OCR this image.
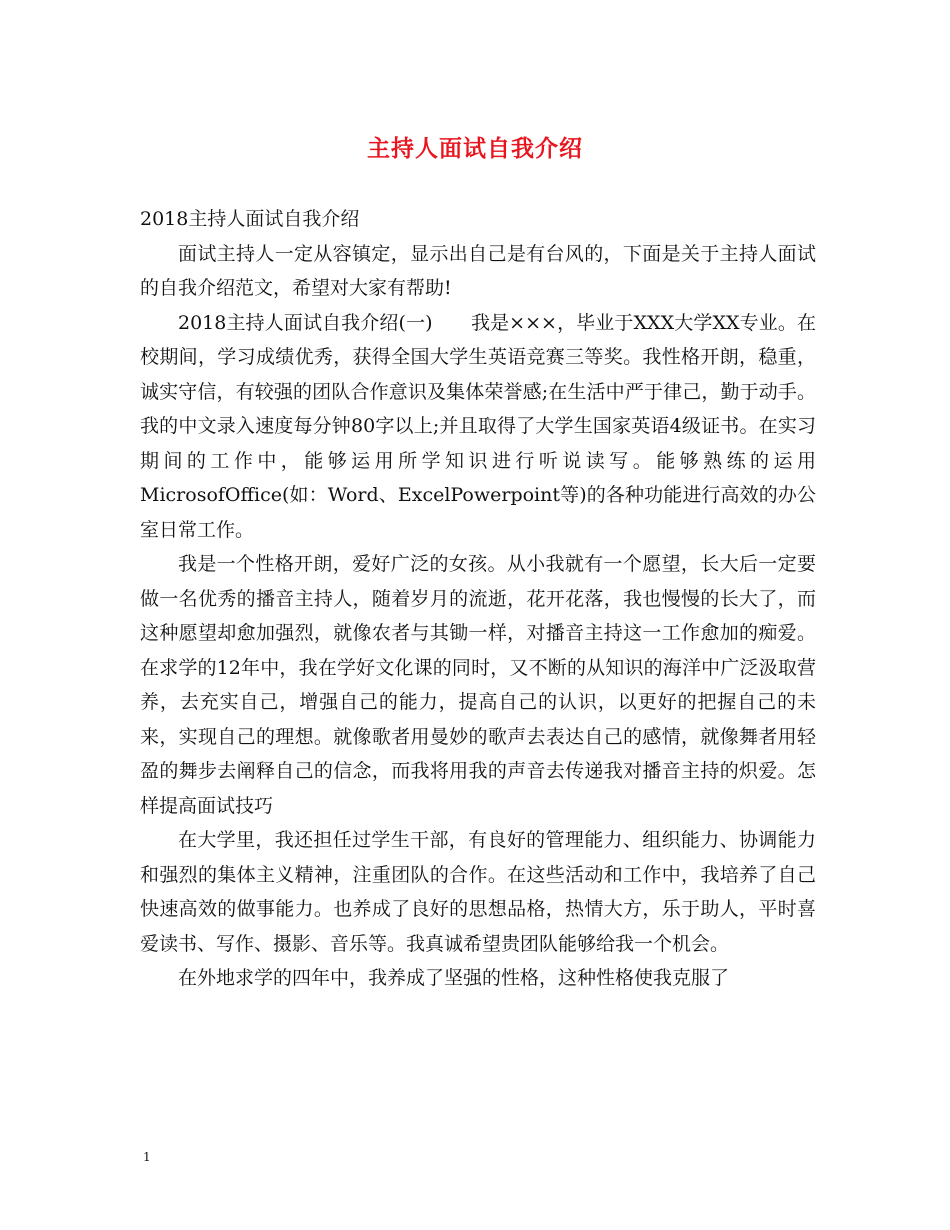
主持人面试自我介绍

2018主持人面试自我介绍

面试主持人一定从容镇定，显示出自己是有台风的，下面是关于主持人面试的自我介绍范文，希望对大家有帮助!

2018主持人面试自我介绍(一)　　我是×××，毕业于XXX大学XX专业。在校期间，学习成绩优秀，获得全国大学生英语竞赛三等奖。我性格开朗，稳重，诚实守信，有较强的团队合作意识及集体荣誉感;在生活中严于律己，勤于动手。我的中文录入速度每分钟80字以上;并且取得了大学生国家英语4级证书。在实习期间的工作中，能够运用所学知识进行听说读写。能够熟练的运用MicrosofOffice(如：Word、ExcelPowerpoint等)的各种功能进行高效的办公室日常工作。

我是一个性格开朗，爱好广泛的女孩。从小我就有一个愿望，长大后一定要做一名优秀的播音主持人，随着岁月的流逝，花开花落，我也慢慢的长大了，而这种愿望却愈加强烈，就像农者与其锄一样，对播音主持这一工作愈加的痴爱。在求学的12年中，我在学好文化课的同时，又不断的从知识的海洋中广泛汲取营养，去充实自己，增强自己的能力，提高自己的认识，以更好的把握自己的未来，实现自己的理想。就像歌者用曼妙的歌声去表达自己的感情，就像舞者用轻盈的舞步去阐释自己的信念，而我将用我的声音去传递我对播音主持的炽爱。怎样提高面试技巧

在大学里，我还担任过学生干部，有良好的管理能力、组织能力、协调能力和强烈的集体主义精神，注重团队的合作。在这些活动和工作中，我培养了自己快速高效的做事能力。也养成了良好的思想品格，热情大方，乐于助人，平时喜爱读书、写作、摄影、音乐等。我真诚希望贵团队能够给我一个机会。

在外地求学的四年中，我养成了坚强的性格，这种性格使我克服了

1
